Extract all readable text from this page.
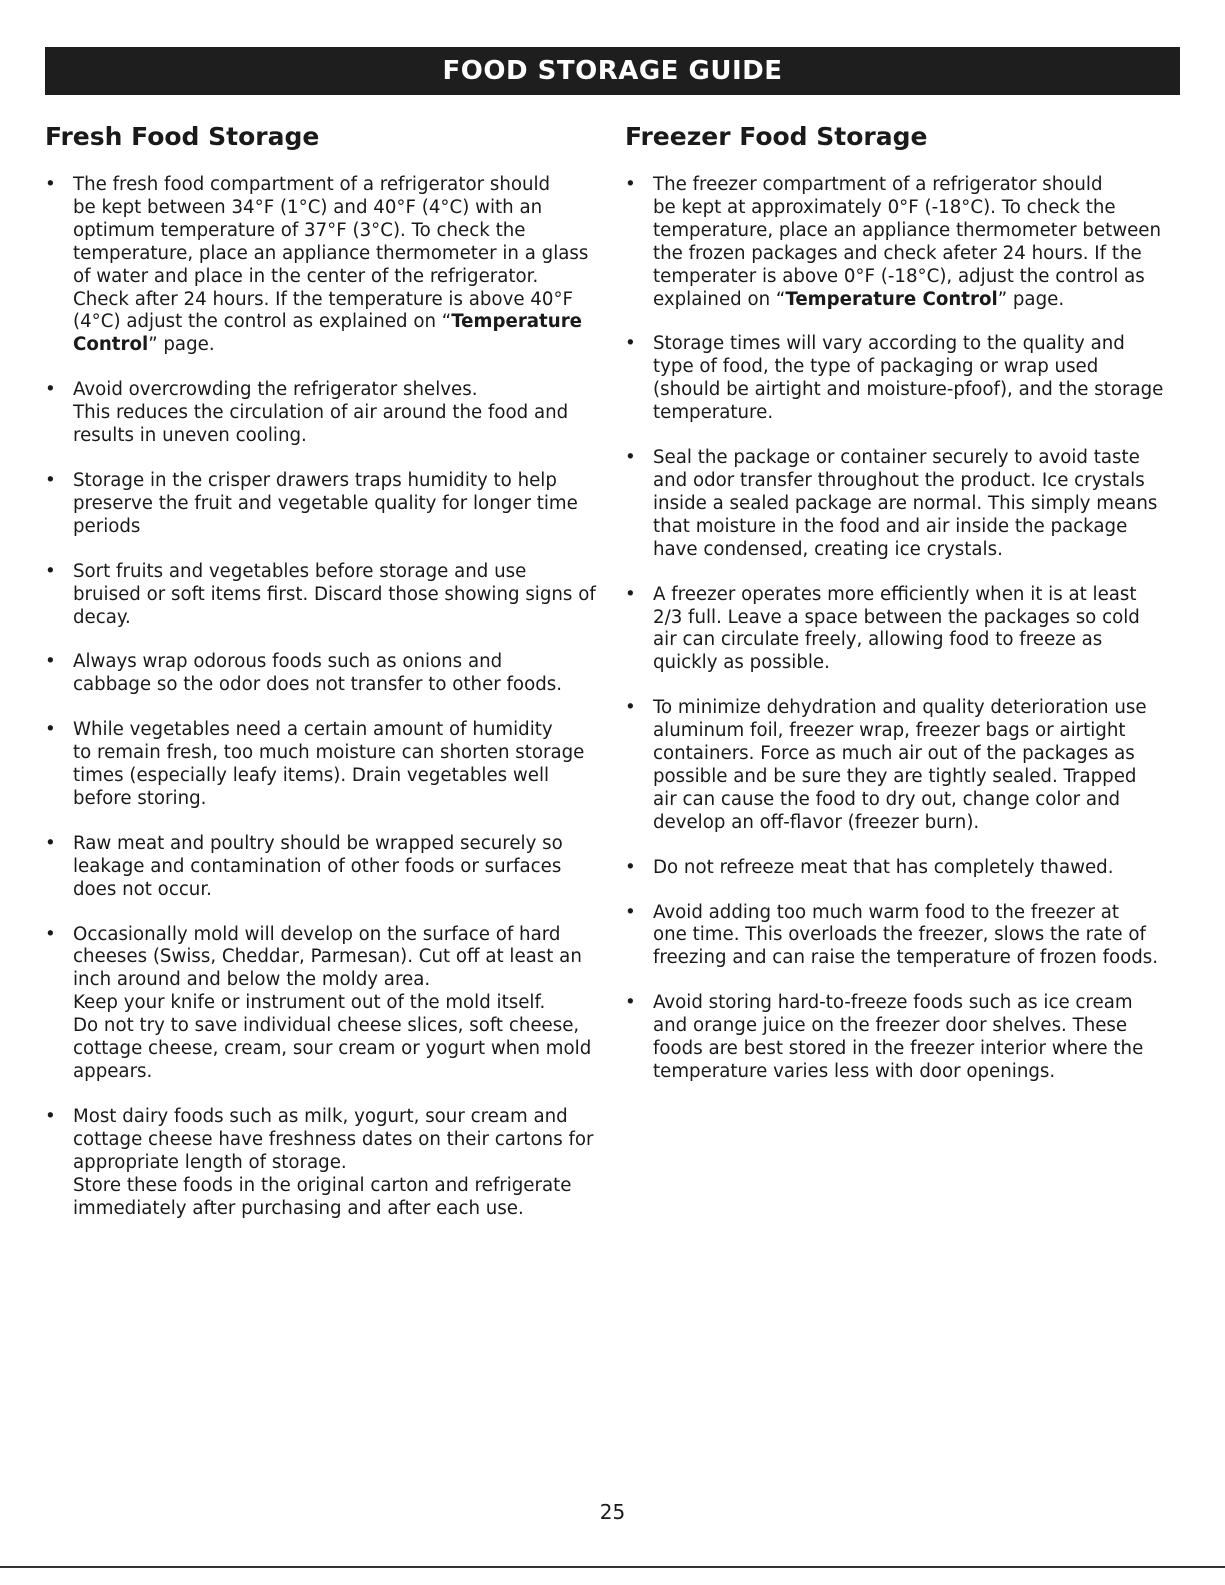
FOOD STORAGE GUIDE
Fresh Food Storage
• The fresh food compartment of a refrigerator should
be kept between 34°F (1°C) and 40°F (4°C) with an
optimum temperature of 37°F (3°C). To check the
temperature, place an appliance thermometer in a glass
of water and place in the center of the refrigerator.
Check after 24 hours. If the temperature is above 40°F
(4°C) adjust the control as explained on “Temperature
Control” page.
• Avoid overcrowding the refrigerator shelves.
This reduces the circulation of air around the food and
results in uneven cooling.
• Storage in the crisper drawers traps humidity to help
preserve the fruit and vegetable quality for longer time
periods
• Sort fruits and vegetables before storage and use
bruised or soft items first. Discard those showing signs of
decay.
• Always wrap odorous foods such as onions and
cabbage so the odor does not transfer to other foods.
• While vegetables need a certain amount of humidity
to remain fresh, too much moisture can shorten storage
times (especially leafy items). Drain vegetables well
before storing.
• Raw meat and poultry should be wrapped securely so
leakage and contamination of other foods or surfaces
does not occur.
• Occasionally mold will develop on the surface of hard
cheeses (Swiss, Cheddar, Parmesan). Cut off at least an
inch around and below the moldy area.
Keep your knife or instrument out of the mold itself.
Do not try to save individual cheese slices, soft cheese,
cottage cheese, cream, sour cream or yogurt when mold
appears.
• Most dairy foods such as milk, yogurt, sour cream and
cottage cheese have freshness dates on their cartons for
appropriate length of storage.
Store these foods in the original carton and refrigerate
immediately after purchasing and after each use.
Freezer Food Storage
• The freezer compartment of a refrigerator should
be kept at approximately 0°F (-18°C). To check the
temperature, place an appliance thermometer between
the frozen packages and check afeter 24 hours. If the
temperater is above 0°F (-18°C), adjust the control as
explained on “Temperature Control” page.
• Storage times will vary according to the quality and
type of food, the type of packaging or wrap used
(should be airtight and moisture-pfoof), and the storage
temperature.
• Seal the package or container securely to avoid taste
and odor transfer throughout the product. Ice crystals
inside a sealed package are normal. This simply means
that moisture in the food and air inside the package
have condensed, creating ice crystals.
• A freezer operates more efficiently when it is at least
2/3 full. Leave a space between the packages so cold
air can circulate freely, allowing food to freeze as
quickly as possible.
• To minimize dehydration and quality deterioration use
aluminum foil, freezer wrap, freezer bags or airtight
containers. Force as much air out of the packages as
possible and be sure they are tightly sealed. Trapped
air can cause the food to dry out, change color and
develop an off-flavor (freezer burn).
• Do not refreeze meat that has completely thawed.
• Avoid adding too much warm food to the freezer at
one time. This overloads the freezer, slows the rate of
freezing and can raise the temperature of frozen foods.
• Avoid storing hard-to-freeze foods such as ice cream
and orange juice on the freezer door shelves. These
foods are best stored in the freezer interior where the
temperature varies less with door openings.
25
